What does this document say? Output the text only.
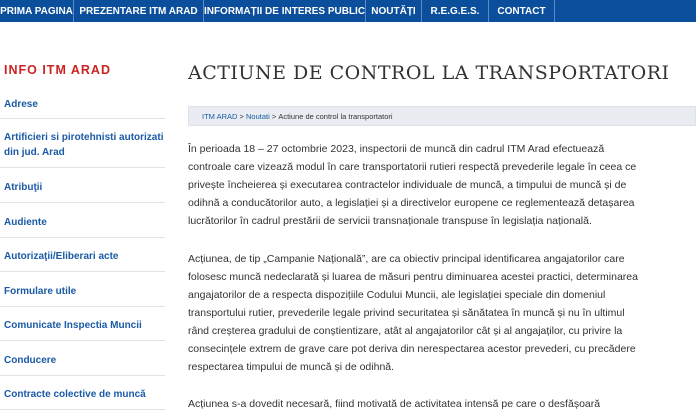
PRIMA PAGINA PREZENTARE ITM ARAD INFORMAȚII DE INTERES PUBLIC NOUTĂȚI	R.E.G.E.S.	CONTACT
INFO ITM ARAD
Adrese
Artificieri si pirotehnisti autorizati din jud. Arad
Atribuţii
Audiente
Autorizaţii/Eliberari acte
Formulare utile
Comunicate Inspectia Muncii
Conducere
Contracte colective de muncă
ACTIUNE DE CONTROL LA TRANSPORTATORI
ITM ARAD
>
Noutati
>
Actiune de control la transportatori
În perioada 18 – 27 octombrie 2023, inspectorii de muncă din cadrul ITM Arad efectuează
controale care vizează modul în care transportatorii rutieri respectă prevederile legale în ceea ce
privește încheierea și executarea contractelor individuale de muncă, a timpului de muncă și de
odihnă a conducătorilor auto, a legislației și a directivelor europene ce reglementează detașarea
lucrătorilor în cadrul prestării de servicii transnaționale transpuse în legislația națională.
Acțiunea, de tip „Campanie Națională”, are ca obiectiv principal identificarea angajatorilor care
folosesc muncă nedeclarată și luarea de măsuri pentru diminuarea acestei practici, determinarea
angajatorilor de a respecta dispozițiile Codului Muncii, ale legislației speciale din domeniul
transportului rutier, prevederile legale privind securitatea și sănătatea în muncă și nu în ultimul
rând creșterea gradului de conștientizare, atât al angajatorilor cât și al angajaților, cu privire la
consecințele extrem de grave care pot deriva din nerespectarea acestor prevederi, cu precădere
respectarea timpului de muncă și de odihnă.
Acțiunea s-a dovedit necesară, fiind motivată de activitatea intensă pe care o desfășoară
